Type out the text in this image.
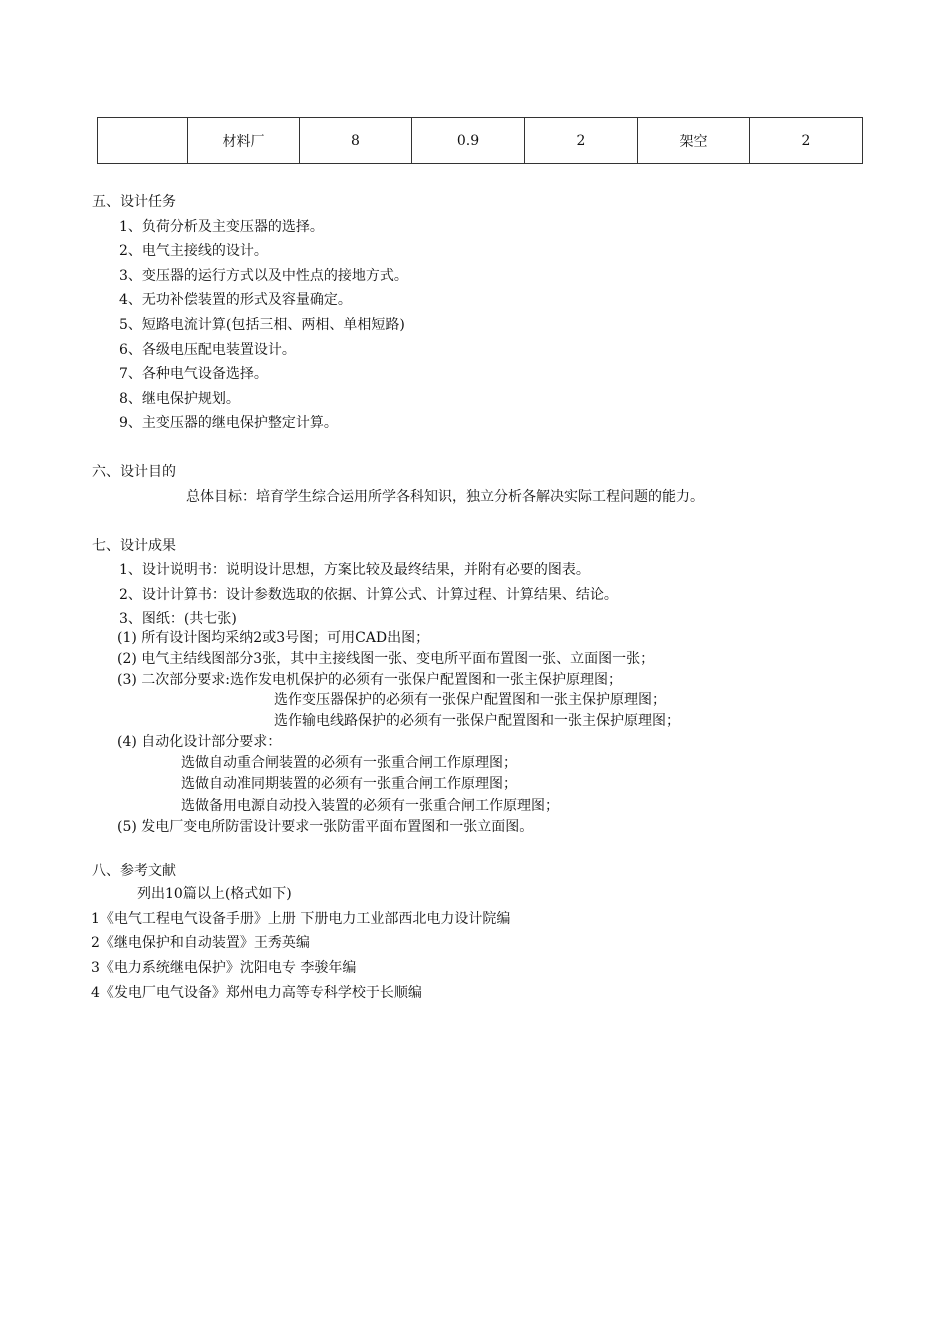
	材料厂	8	0.9	2	架空	2
五、设计任务
1、负荷分析及主变压器的选择。
2、电气主接线的设计。
3、变压器的运行方式以及中性点的接地方式。
4、无功补偿装置的形式及容量确定。
5、短路电流计算(包括三相、两相、单相短路)
6、各级电压配电装置设计。
7、各种电气设备选择。
8、继电保护规划。
9、主变压器的继电保护整定计算。
六、设计目的
总体目标：培育学生综合运用所学各科知识，独立分析各解决实际工程问题的能力。
七、设计成果
1、设计说明书：说明设计思想，方案比较及最终结果，并附有必要的图表。
2、设计计算书：设计参数选取的依据、计算公式、计算过程、计算结果、结论。
3、图纸：(共七张)
(1) 所有设计图均采纳2或3号图；可用CAD出图；
(2) 电气主结线图部分3张，其中主接线图一张、变电所平面布置图一张、立面图一张；
(3) 二次部分要求:选作发电机保护的必须有一张保户配置图和一张主保护原理图；
选作变压器保护的必须有一张保户配置图和一张主保护原理图；
选作输电线路保护的必须有一张保户配置图和一张主保护原理图；
(4) 自动化设计部分要求：
选做自动重合闸装置的必须有一张重合闸工作原理图；
选做自动准同期装置的必须有一张重合闸工作原理图；
选做备用电源自动投入装置的必须有一张重合闸工作原理图；
(5) 发电厂变电所防雷设计要求一张防雷平面布置图和一张立面图。
八、参考文献
列出10篇以上(格式如下)
1《电气工程电气设备手册》上册 下册电力工业部西北电力设计院编
2《继电保护和自动装置》王秀英编
3《电力系统继电保护》沈阳电专 李骏年编
4《发电厂电气设备》郑州电力高等专科学校于长顺编
